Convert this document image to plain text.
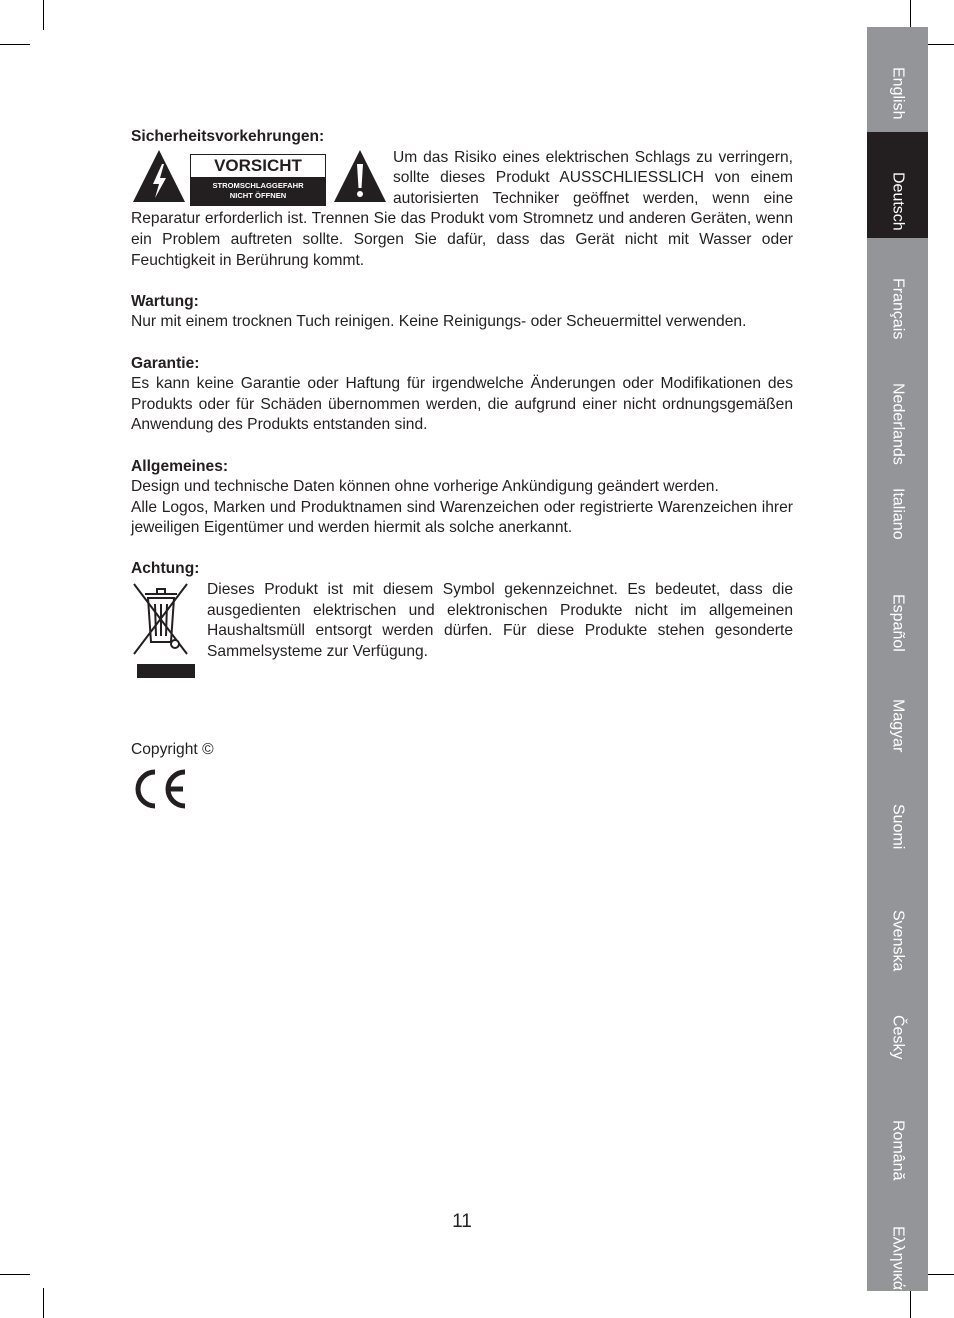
Sicherheitsvorkehrungen:

VORSICHT
STROMSCHLAGGEFAHR
NICHT ÖFFNEN

Um das Risiko eines elektrischen Schlags zu verringern, sollte dieses Produkt AUSSCHLIESSLICH von einem autorisierten Techniker geöffnet werden, wenn eine Reparatur erforderlich ist. Trennen Sie das Produkt vom Stromnetz und anderen Geräten, wenn ein Problem auftreten sollte. Sorgen Sie dafür, dass das Gerät nicht mit Wasser oder Feuchtigkeit in Berührung kommt.

Wartung:

Nur mit einem trocknen Tuch reinigen. Keine Reinigungs- oder Scheuermittel verwenden.

Garantie:

Es kann keine Garantie oder Haftung für irgendwelche Änderungen oder Modifikationen des Produkts oder für Schäden übernommen werden, die aufgrund einer nicht ordnungsgemäßen Anwendung des Produkts entstanden sind.

Allgemeines:

Design und technische Daten können ohne vorherige Ankündigung geändert werden.

Alle Logos, Marken und Produktnamen sind Warenzeichen oder registrierte Warenzeichen ihrer jeweiligen Eigentümer und werden hiermit als solche anerkannt.

Achtung:

Dieses Produkt ist mit diesem Symbol gekennzeichnet. Es bedeutet, dass die ausgedienten elektrischen und elektronischen Produkte nicht im allgemeinen Haushaltsmüll entsorgt werden dürfen. Für diese Produkte stehen gesonderte Sammelsysteme zur Verfügung.

Copyright ©

11
English
Deutsch
Français
Nederlands
Italiano
Español
Magyar
Suomi
Svenska
Česky
Română
Ελληνικά
